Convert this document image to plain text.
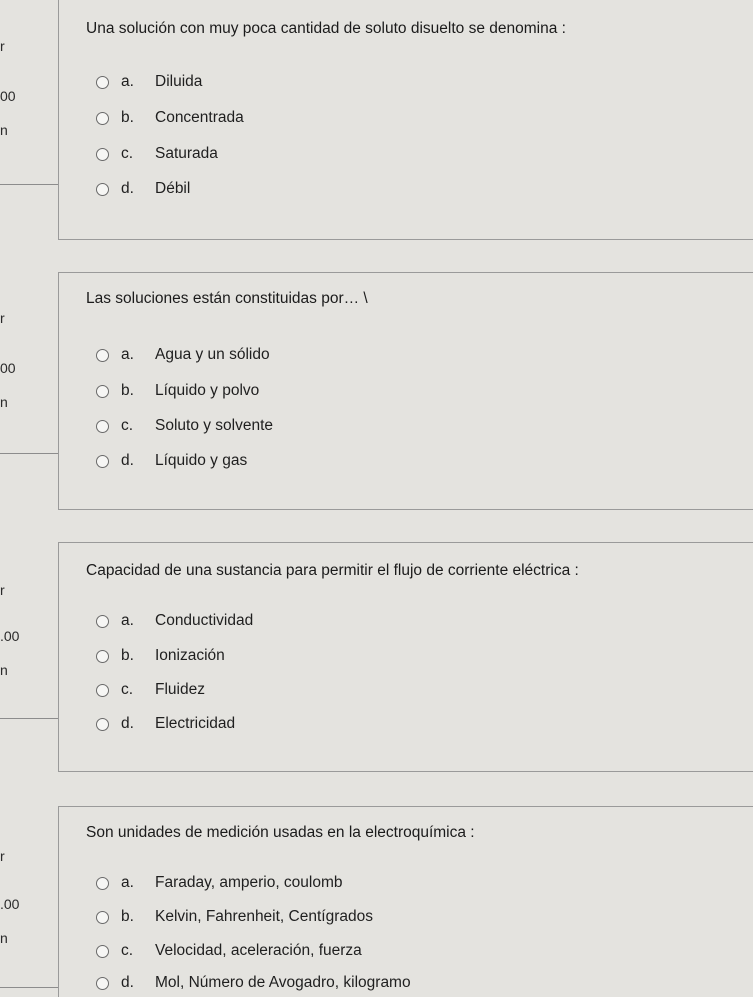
r
00
n
r
00
n
r
.00
n
r
.00
n
Una solución con muy poca cantidad de soluto disuelto se denomina :
a.	Diluida
b.	Concentrada
c.	Saturada
d.	Débil
Las soluciones están constituidas por… \
a.	Agua y un sólido
b.	Líquido y polvo
c.	Soluto y solvente
d.	Líquido y gas
Capacidad de una sustancia para permitir el flujo de corriente eléctrica :
a.	Conductividad
b.	Ionización
c.	Fluidez
d.	Electricidad
Son unidades de medición usadas en la electroquímica :
a.	Faraday, amperio, coulomb
b.	Kelvin, Fahrenheit, Centígrados
c.	Velocidad, aceleración, fuerza
d.	Mol, Número de Avogadro, kilogramo
